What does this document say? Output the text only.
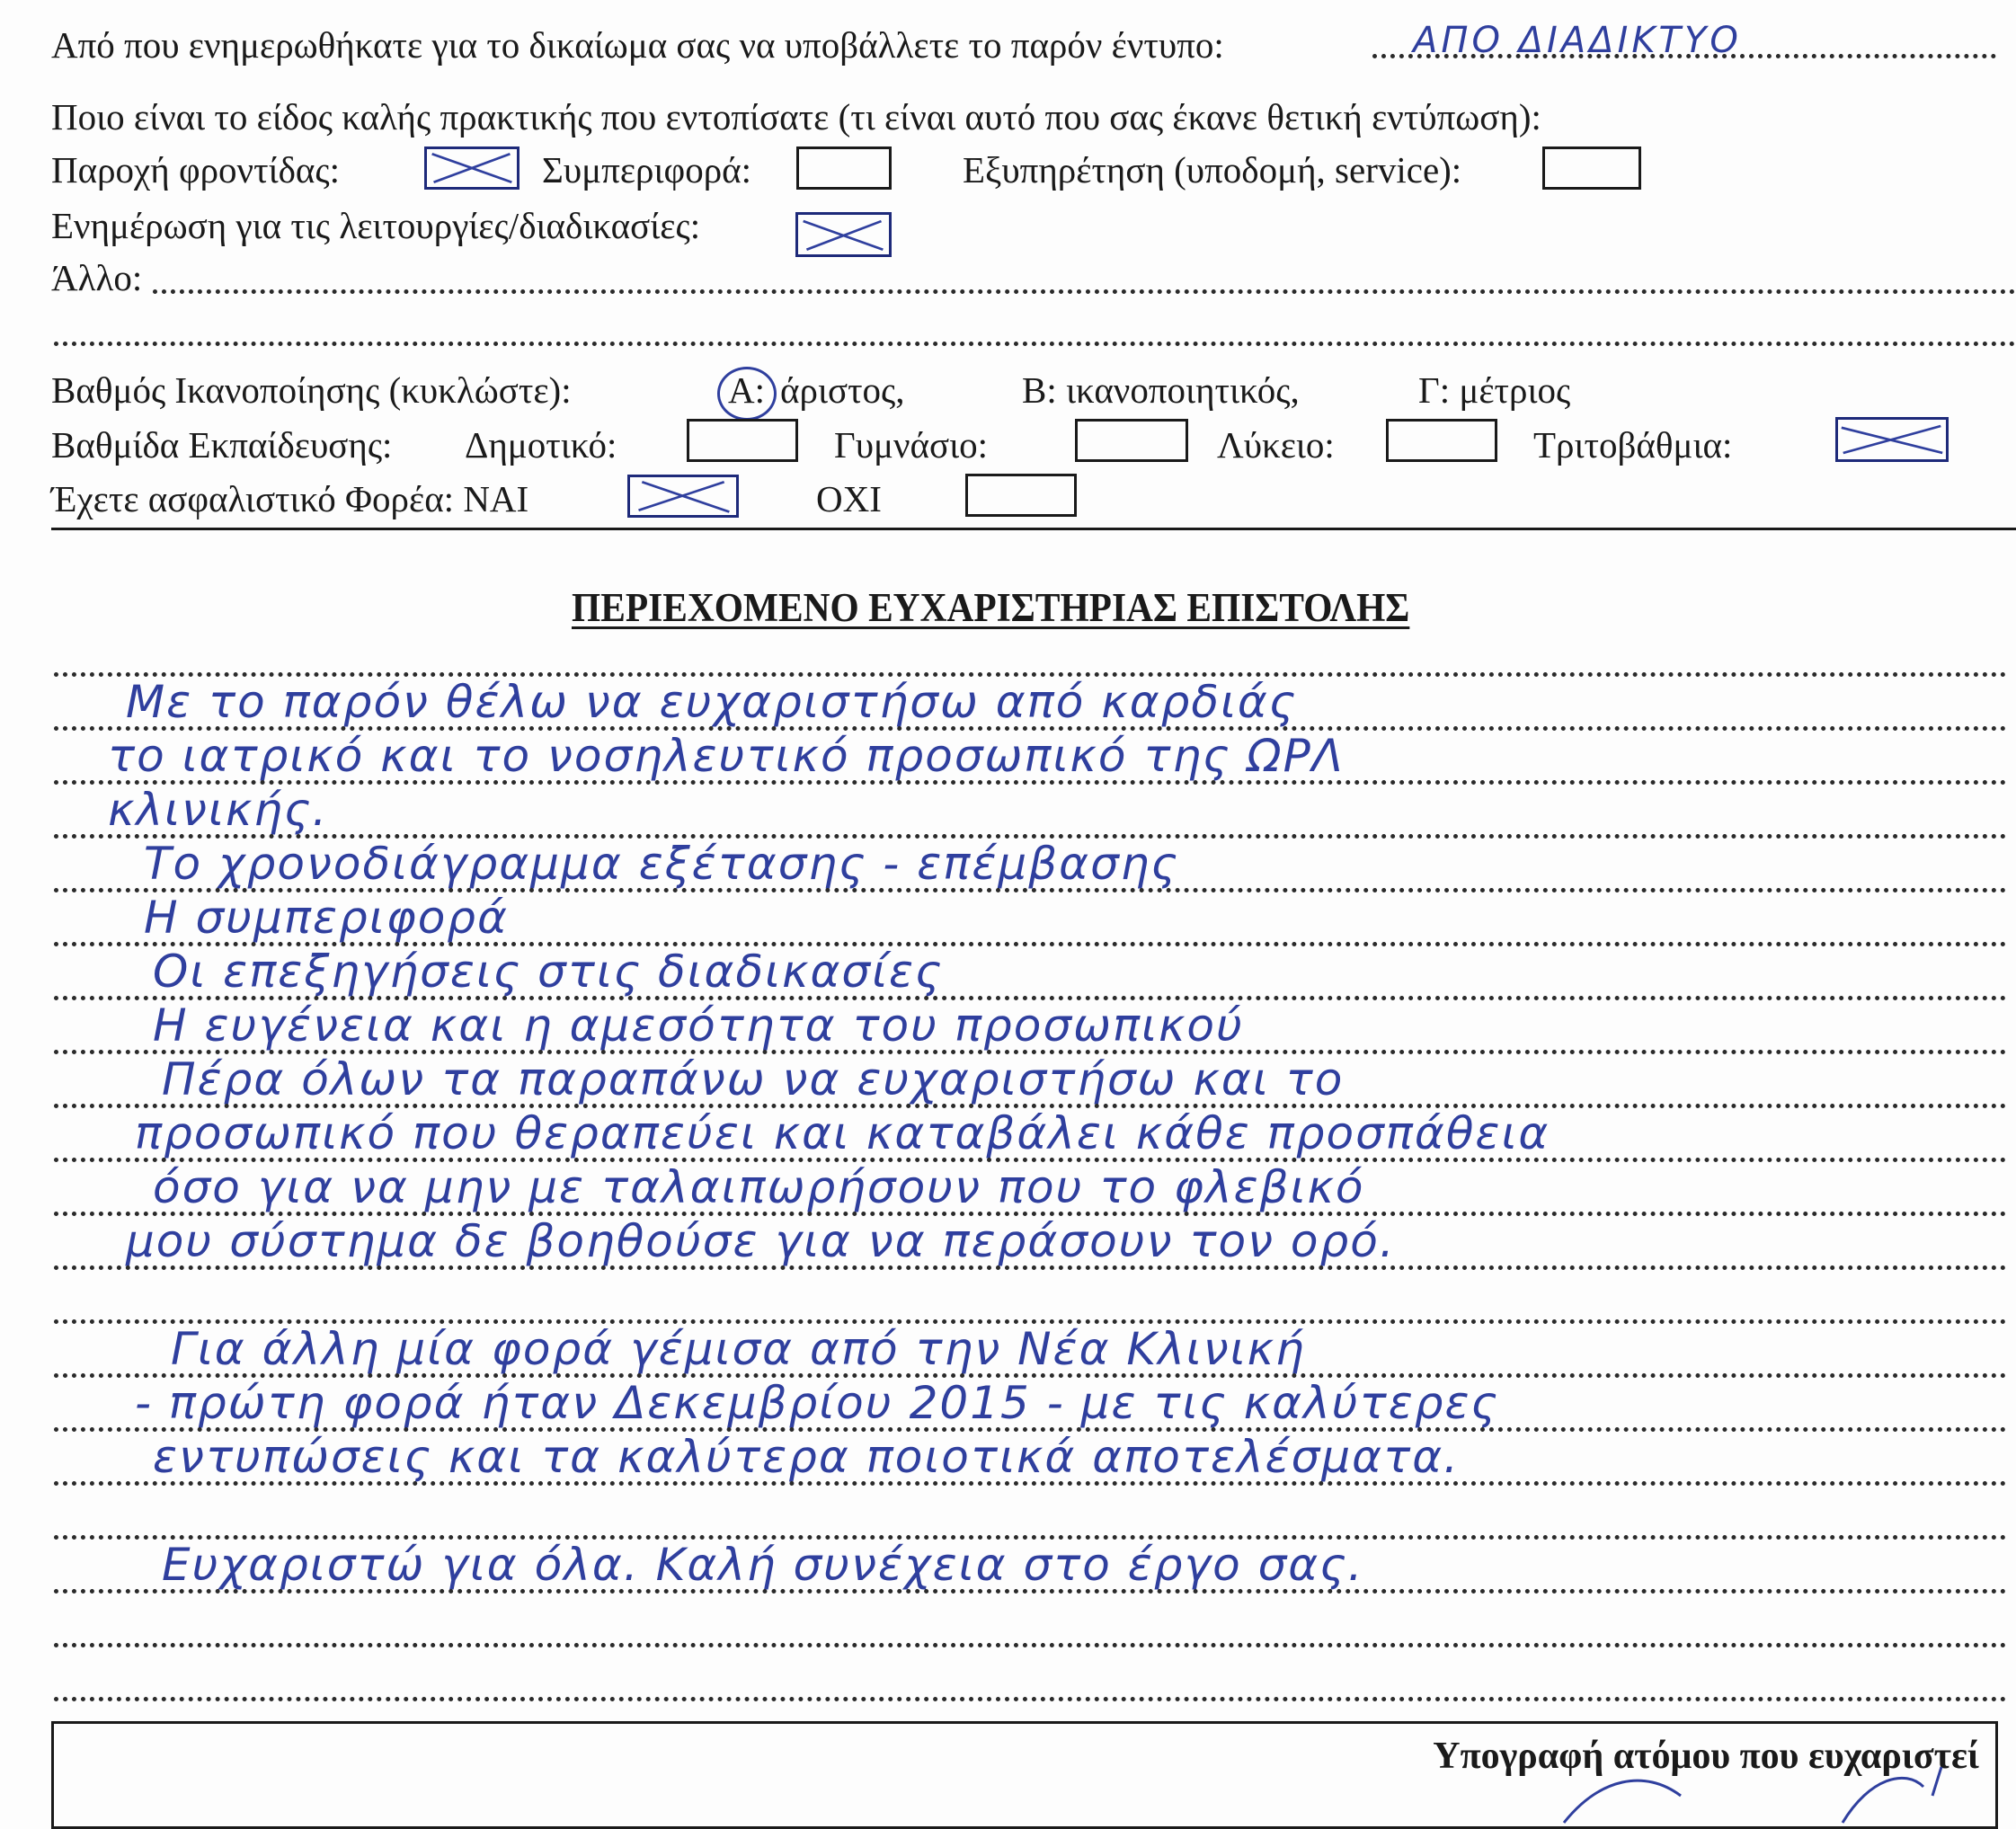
Από που ενημερωθήκατε για το δικαίωμα σας να υποβάλλετε το παρόν έντυπο:	ΑΠΟ ΔΙΑΔΙΚΤΥΟ
Ποιο είναι το είδος καλής πρακτικής που εντοπίσατε (τι είναι αυτό που σας έκανε θετική εντύπωση):
Παροχή φροντίδας:	Συμπεριφορά:	Εξυπηρέτηση (υποδομή, service):
Ενημέρωση για τις λειτουργίες/διαδικασίες:
Άλλο:
Βαθμός Ικανοποίησης (κυκλώστε):	Α: άριστος,	Β: ικανοποιητικός,	Γ: μέτριος
Βαθμίδα Εκπαίδευσης: Δημοτικό:	Γυμνάσιο:	Λύκειο:	Τριτοβάθμια:
Έχετε ασφαλιστικό Φορέα: ΝΑΙ	ΟΧΙ
ΠΕΡΙΕΧΟΜΕΝΟ ΕΥΧΑΡΙΣΤΗΡΙΑΣ ΕΠΙΣΤΟΛΗΣ
Με το παρόν θέλω να ευχαριστήσω από καρδιάς
το ιατρικό και το νοσηλευτικό προσωπικό της ΩΡΛ
κλινικής.
Το χρονοδιάγραμμα εξέτασης - επέμβασης
Η συμπεριφορά
Οι επεξηγήσεις στις διαδικασίες
Η ευγένεια και η αμεσότητα του προσωπικού
Πέρα όλων τα παραπάνω να ευχαριστήσω και το
προσωπικό που θεραπεύει και καταβάλει κάθε προσπάθεια
όσο για να μην με ταλαιπωρήσουν που το φλεβικό
μου σύστημα δε βοηθούσε για να περάσουν τον ορό.
Για άλλη μία φορά γέμισα από την Νέα Κλινική
- πρώτη φορά ήταν Δεκεμβρίου 2015 - με τις καλύτερες
εντυπώσεις και τα καλύτερα ποιοτικά αποτελέσματα.
Ευχαριστώ για όλα. Καλή συνέχεια στο έργο σας.
Υπογραφή ατόμου που ευχαριστεί
